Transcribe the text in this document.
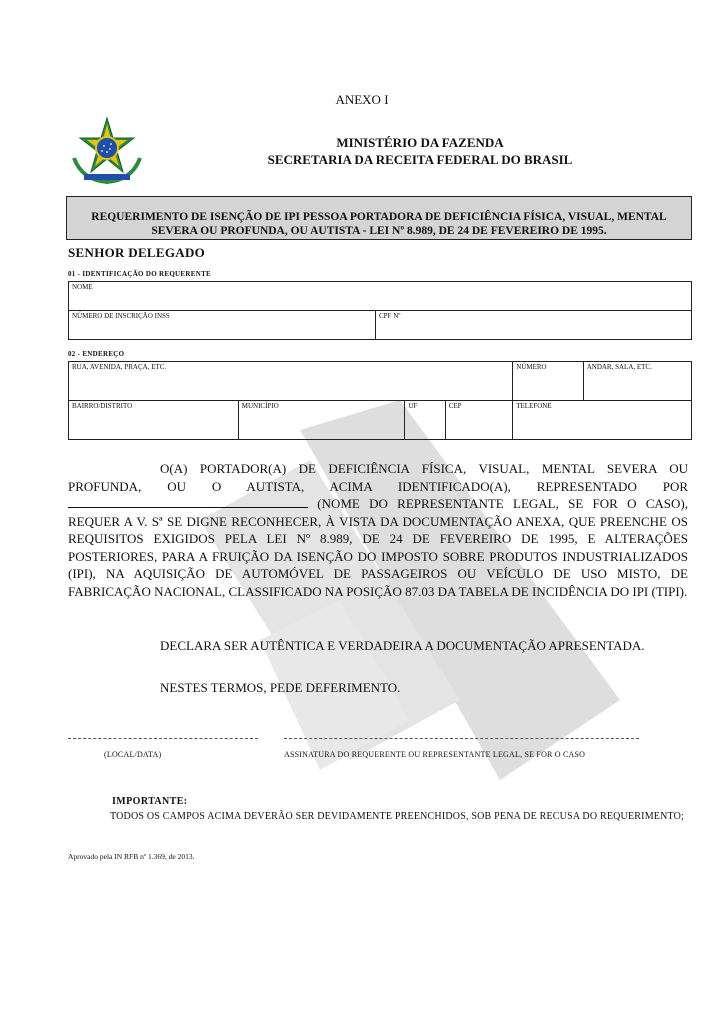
ANEXO I
MINISTÉRIO DA FAZENDA
SECRETARIA DA RECEITA FEDERAL DO BRASIL
REQUERIMENTO DE ISENÇÃO DE IPI PESSOA PORTADORA DE DEFICIÊNCIA FÍSICA, VISUAL, MENTAL
SEVERA OU PROFUNDA, OU AUTISTA - LEI Nº 8.989, DE 24 DE FEVEREIRO DE 1995.
SENHOR DELEGADO
01 - IDENTIFICAÇÃO DO REQUERENTE
NOME
NÚMERO DE INSCRIÇÃO INSS	CPF Nº
02 - ENDEREÇO
RUA, AVENIDA, PRAÇA, ETC.				NÚMERO	ANDAR, SALA, ETC.
BAIRRO/DISTRITO	MUNICÍPIO	UF	CEP	TELEFONE	
O(A) PORTADOR(A) DE DEFICIÊNCIA FÍSICA, VISUAL, MENTAL SEVERA OU PROFUNDA, OU O AUTISTA, ACIMA IDENTIFICADO(A), REPRESENTADO POR  (NOME DO REPRESENTANTE LEGAL, SE FOR O CASO), REQUER A V. Sª SE DIGNE RECONHECER, À VISTA DA DOCUMENTAÇÃO ANEXA, QUE PREENCHE OS REQUISITOS EXIGIDOS PELA LEI Nº 8.989, DE 24 DE FEVEREIRO DE 1995, E ALTERAÇÕES POSTERIORES, PARA A FRUIÇÃO DA ISENÇÃO DO IMPOSTO SOBRE PRODUTOS INDUSTRIALIZADOS (IPI), NA AQUISIÇÃO DE AUTOMÓVEL DE PASSAGEIROS OU VEÍCULO DE USO MISTO, DE FABRICAÇÃO NACIONAL, CLASSIFICADO NA POSIÇÃO 87.03 DA TABELA DE INCIDÊNCIA DO IPI (TIPI).
DECLARA SER AUTÊNTICA E VERDADEIRA A DOCUMENTAÇÃO APRESENTADA.
NESTES TERMOS, PEDE DEFERIMENTO.
(LOCAL/DATA)	ASSINATURA DO REQUERENTE OU REPRESENTANTE LEGAL, SE FOR O CASO
IMPORTANTE:
TODOS OS CAMPOS ACIMA DEVERÃO SER DEVIDAMENTE PREENCHIDOS, SOB PENA DE RECUSA DO REQUERIMENTO;
Aprovado pela IN RFB nº 1.369, de 2013.
